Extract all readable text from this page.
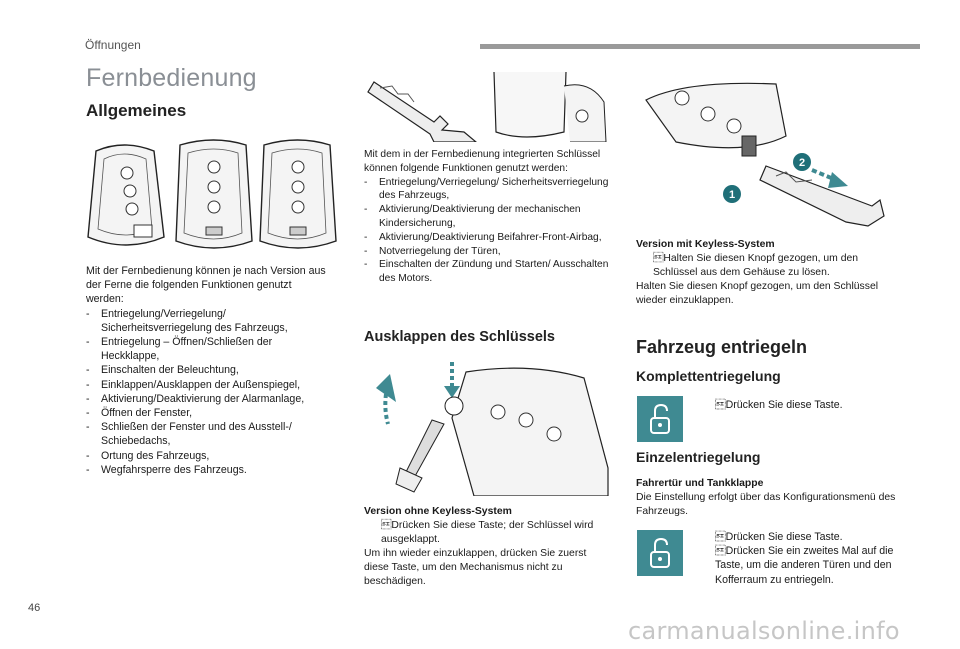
Öffnungen
Fernbedienung
Allgemeines
Mit der Fernbedienung können je nach Version aus der Ferne die folgenden Funktionen genutzt werden:
- Entriegelung/Verriegelung/ Sicherheitsverriegelung des Fahrzeugs,
- Entriegelung – Öffnen/Schließen der Heckklappe,
- Einschalten der Beleuchtung,
- Einklappen/Ausklappen der Außenspiegel,
- Aktivierung/Deaktivierung der Alarmanlage,
- Öffnen der Fenster,
- Schließen der Fenster und des Ausstell-/ Schiebedachs,
- Ortung des Fahrzeugs,
- Wegfahrsperre des Fahrzeugs.
Mit dem in der Fernbedienung integrierten Schlüssel können folgende Funktionen genutzt werden:
- Entriegelung/Verriegelung/ Sicherheitsverriegelung des Fahrzeugs,
- Aktivierung/Deaktivierung der mechanischen Kindersicherung,
- Aktivierung/Deaktivierung Beifahrer-Front-Airbag,
- Notverriegelung der Türen,
- Einschalten der Zündung und Starten/ Ausschalten des Motors.
Ausklappen des Schlüssels
Version ohne Keyless-System
 Drücken Sie diese Taste; der Schlüssel wird ausgeklappt.
Um ihn wieder einzuklappen, drücken Sie zuerst diese Taste, um den Mechanismus nicht zu beschädigen.
1
2
Version mit Keyless-System
 Halten Sie diesen Knopf gezogen, um den Schlüssel aus dem Gehäuse zu lösen.
Halten Sie diesen Knopf gezogen, um den Schlüssel wieder einzuklappen.
Fahrzeug entriegeln
Komplettentriegelung
 Drücken Sie diese Taste.
Einzelentriegelung
Fahrertür und Tankklappe
Die Einstellung erfolgt über das Konfigurationsmenü des Fahrzeugs.
 Drücken Sie diese Taste.
 Drücken Sie ein zweites Mal auf die Taste, um die anderen Türen und den Kofferraum zu entriegeln.
46
carmanualsonline.info
